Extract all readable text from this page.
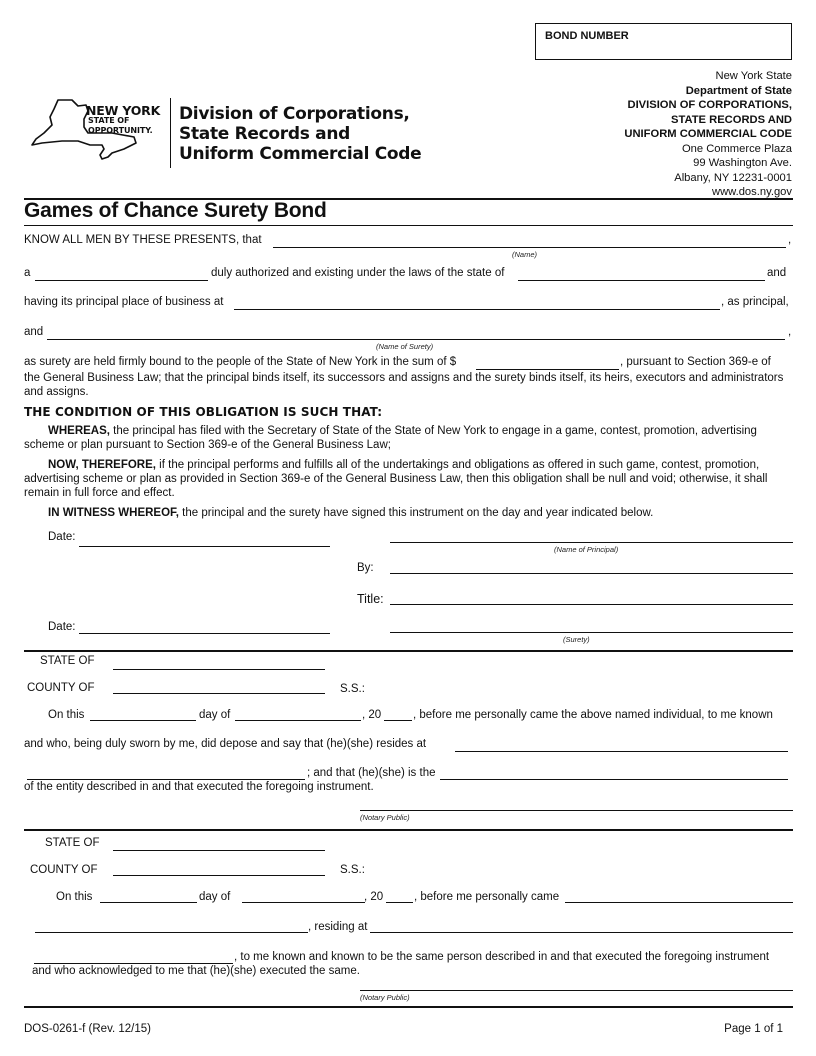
BOND NUMBER
New York State
Department of State
DIVISION OF CORPORATIONS,
STATE RECORDS AND
UNIFORM COMMERCIAL CODE
One Commerce Plaza
99 Washington Ave.
Albany, NY 12231-0001
www.dos.ny.gov
NEW YORK
STATE OF
OPPORTUNITY.
Division of Corporations,
State Records and
Uniform Commercial Code
Games of Chance Surety Bond
KNOW ALL MEN BY THESE PRESENTS, that	,
(Name)
a	duly authorized and existing under the laws of the state of	and
having its principal place of business at	, as principal,
and	,
(Name of Surety)
as surety are held firmly bound to the people of the State of New York in the sum of $	, pursuant to Section 369-e of
the General Business Law; that the principal binds itself, its successors and assigns and the surety binds itself, its heirs, executors and administrators and assigns.
THE CONDITION OF THIS OBLIGATION IS SUCH THAT:
WHEREAS, the principal has filed with the Secretary of State of the State of New York to engage in a game, contest, promotion, advertising scheme or plan pursuant to Section 369-e of the General Business Law;
NOW, THEREFORE, if the principal performs and fulfills all of the undertakings and obligations as offered in such game, contest, promotion, advertising scheme or plan as provided in Section 369-e of the General Business Law, then this obligation shall be null and void; otherwise, it shall remain in full force and effect.
IN WITNESS WHEREOF, the principal and the surety have signed this instrument on the day and year indicated below.
Date:
(Name of Principal)
By:
Title:
Date:
(Surety)
STATE OF
COUNTY OF	S.S.:
On this	day of	, 20	, before me personally came the above named individual, to me known
and who, being duly sworn by me, did depose and say that (he)(she) resides at
; and that (he)(she) is the
of the entity described in and that executed the foregoing instrument.
(Notary Public)
STATE OF
COUNTY OF	S.S.:
On this	day of	, 20	, before me personally came
, residing at
, to me known and known to be the same person described in and that executed the foregoing instrument
and who acknowledged to me that (he)(she) executed the same.
(Notary Public)
DOS-0261-f (Rev. 12/15)	Page 1 of 1
